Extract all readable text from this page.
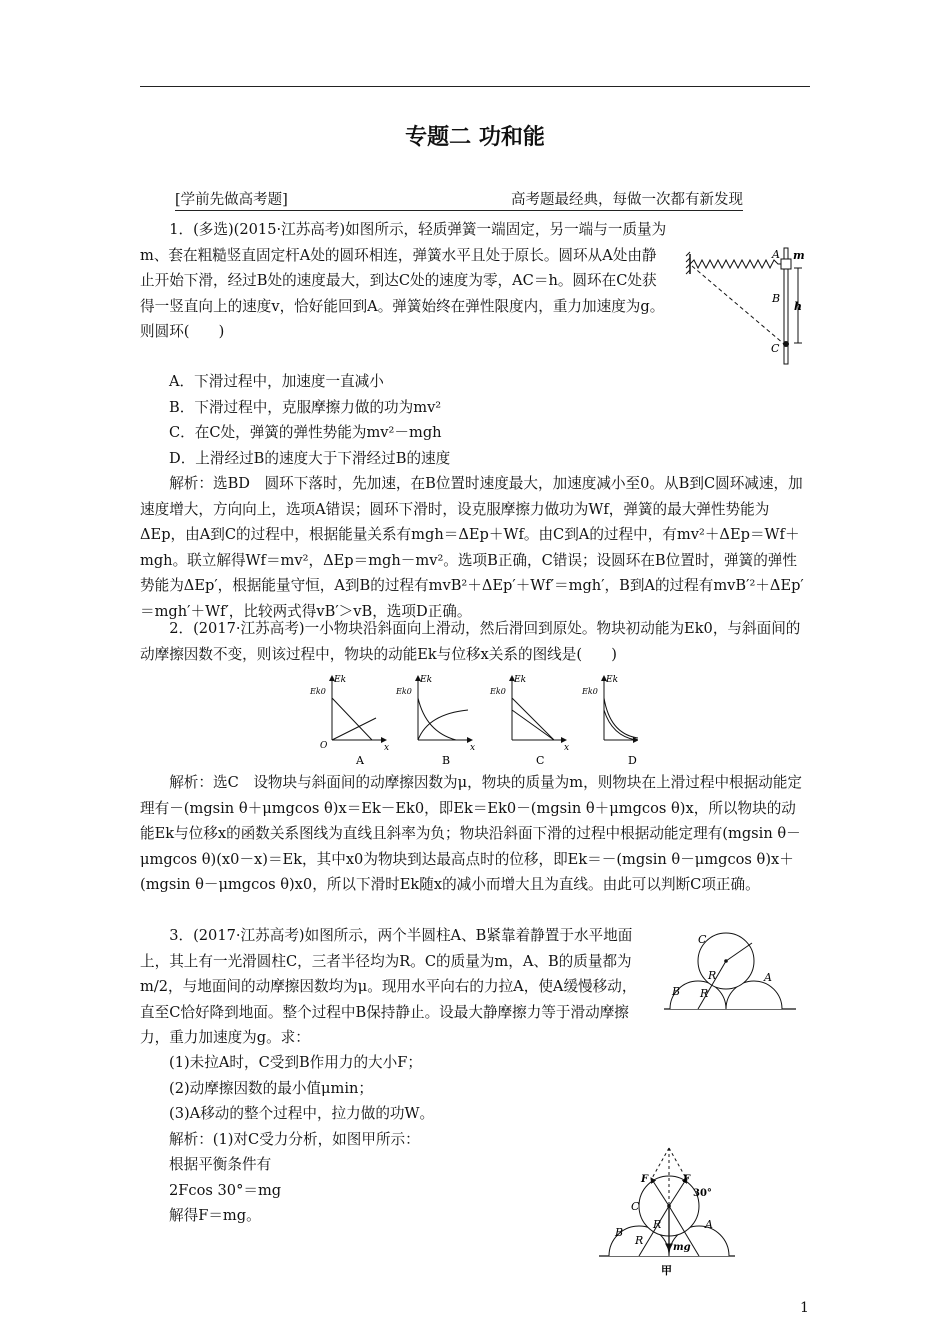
专题二 功和能
[学前先做高考题]	高考题最经典，每做一次都有新发现

1．(多选)(2015·江苏高考)如图所示，轻质弹簧一端固定，另一端与一质量为m、套在粗糙竖直固定杆A处的圆环相连，弹簧水平且处于原长。圆环从A处由静止开始下滑，经过B处的速度最大，到达C处的速度为零，AC＝h。圆环在C处获得一竖直向上的速度v，恰好能回到A。弹簧始终在弹性限度内，重力加速度为g。则圆环(　　)

A．下滑过程中，加速度一直减小
B．下滑过程中，克服摩擦力做的功为mv²
C．在C处，弹簧的弹性势能为mv²－mgh
D．上滑经过B的速度大于下滑经过B的速度

解析：选BD　圆环下落时，先加速，在B位置时速度最大，加速度减小至0。从B到C圆环减速，加速度增大，方向向上，选项A错误；圆环下滑时，设克服摩擦力做功为Wf，弹簧的最大弹性势能为ΔEp，由A到C的过程中，根据能量关系有mgh＝ΔEp＋Wf。由C到A的过程中，有mv²＋ΔEp＝Wf＋mgh。联立解得Wf＝mv²，ΔEp＝mgh－mv²。选项B正确，C错误；设圆环在B位置时，弹簧的弹性势能为ΔEp′，根据能量守恒，A到B的过程有mvB²＋ΔEp′＋Wf′＝mgh′，B到A的过程有mvB′²＋ΔEp′＝mgh′＋Wf′，比较两式得vB′＞vB，选项D正确。

A m
B
h
C

2．(2017·江苏高考)一小物块沿斜面向上滑动，然后滑回到原处。物块初动能为Ek0，与斜面间的动摩擦因数不变，则该过程中，物块的动能Ek与位移x关系的图线是(　　)

Ek
Ek0
O	x
A
Ek
Ek0
x
B
Ek
Ek0
x
C
Ek
Ek0
D

解析：选C　设物块与斜面间的动摩擦因数为μ，物块的质量为m，则物块在上滑过程中根据动能定理有－(mgsin θ＋μmgcos θ)x＝Ek－Ek0，即Ek＝Ek0－(mgsin θ＋μmgcos θ)x，所以物块的动能Ek与位移x的函数关系图线为直线且斜率为负；物块沿斜面下滑的过程中根据动能定理有(mgsin θ－μmgcos θ)(x0－x)＝Ek，其中x0为物块到达最高点时的位移，即Ek＝－(mgsin θ－μmgcos θ)x＋(mgsin θ－μmgcos θ)x0，所以下滑时Ek随x的减小而增大且为直线。由此可以判断C项正确。

3．(2017·江苏高考)如图所示，两个半圆柱A、B紧靠着静置于水平地面上，其上有一光滑圆柱C，三者半径均为R。C的质量为m，A、B的质量都为m/2，与地面间的动摩擦因数均为μ。现用水平向右的力拉A，使A缓慢移动，直至C恰好降到地面。整个过程中B保持静止。设最大静摩擦力等于滑动摩擦力，重力加速度为g。求：

(1)未拉A时，C受到B作用力的大小F；
(2)动摩擦因数的最小值μmin；
(3)A移动的整个过程中，拉力做的功W。
解析：(1)对C受力分析，如图甲所示：
根据平衡条件有
2Fcos 30°＝mg
解得F＝mg。
C
R
R
B
A
F	F
30°
C
R
R
B
A
mg
甲
1
